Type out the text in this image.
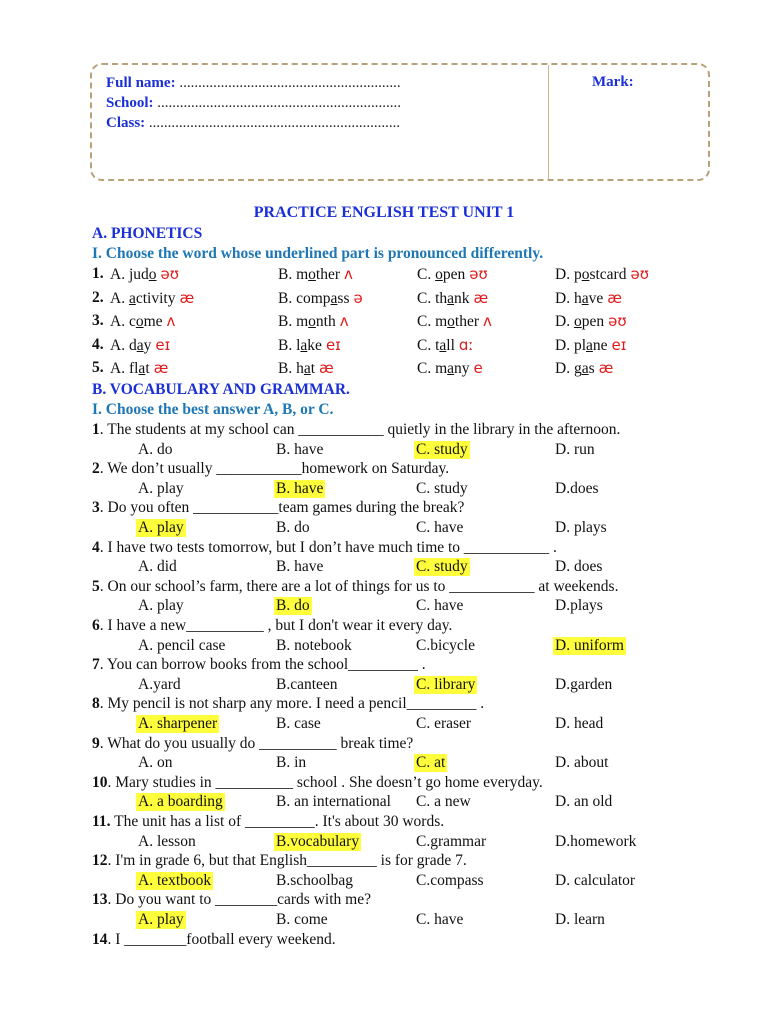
Full name: ...........................................................
School: .................................................................
Class: ...................................................................
Mark:
PRACTICE ENGLISH TEST UNIT 1
A. PHONETICS
I. Choose the word whose underlined part is pronounced differently.
1. A. judo əʊ	B. mother ʌ	C. open əʊ	D. postcard əʊ
2. A. activity æ	B. compass ə	C. thank æ	D. have æ
3. A. come ʌ	B. month ʌ	C. mother ʌ	D. open əʊ
4. A. day eɪ	B. lake eɪ	C. tall ɑː	D. plane eɪ
5. A. flat æ	B. hat æ	C. many e	D. gas æ
B. VOCABULARY AND GRAMMAR.
I. Choose the best answer A, B, or C.
1. The students at my school can ___________ quietly in the library in the afternoon.
A. do	B. have	C. study	D. run
2. We don’t usually ___________homework on Saturday.
A. play	B. have	C. study	D.does
3. Do you often ___________team games during the break?
A. play	B. do	C. have	D. plays
4. I have two tests tomorrow, but I don’t have much time to ___________ .
A. did	B. have	C. study	D. does
5. On our school’s farm, there are a lot of things for us to ___________ at weekends.
A. play	B. do	C. have	D.plays
6. I have a new__________ , but I don't wear it every day.
A. pencil case	B. notebook	C.bicycle	D. uniform
7. You can borrow books from the school_________ .
A.yard	B.canteen	C. library	D.garden
8. My pencil is not sharp any more. I need a pencil_________ .
A. sharpener	B. case	C. eraser	D. head
9. What do you usually do __________ break time?
A. on	B. in	C. at	D. about
10. Mary studies in __________ school . She doesn’t go home everyday.
A. a boarding	B. an international C. a new	D. an old
11. The unit has a list of _________. It's about 30 words.
A. lesson	B.vocabulary	C.grammar	D.homework
12. I'm in grade 6, but that English_________ is for grade 7.
A. textbook	B.schoolbag	C.compass	D. calculator
13. Do you want to ________cards with me?
A. play	B. come	C. have	D. learn
14. I ________football every weekend.
